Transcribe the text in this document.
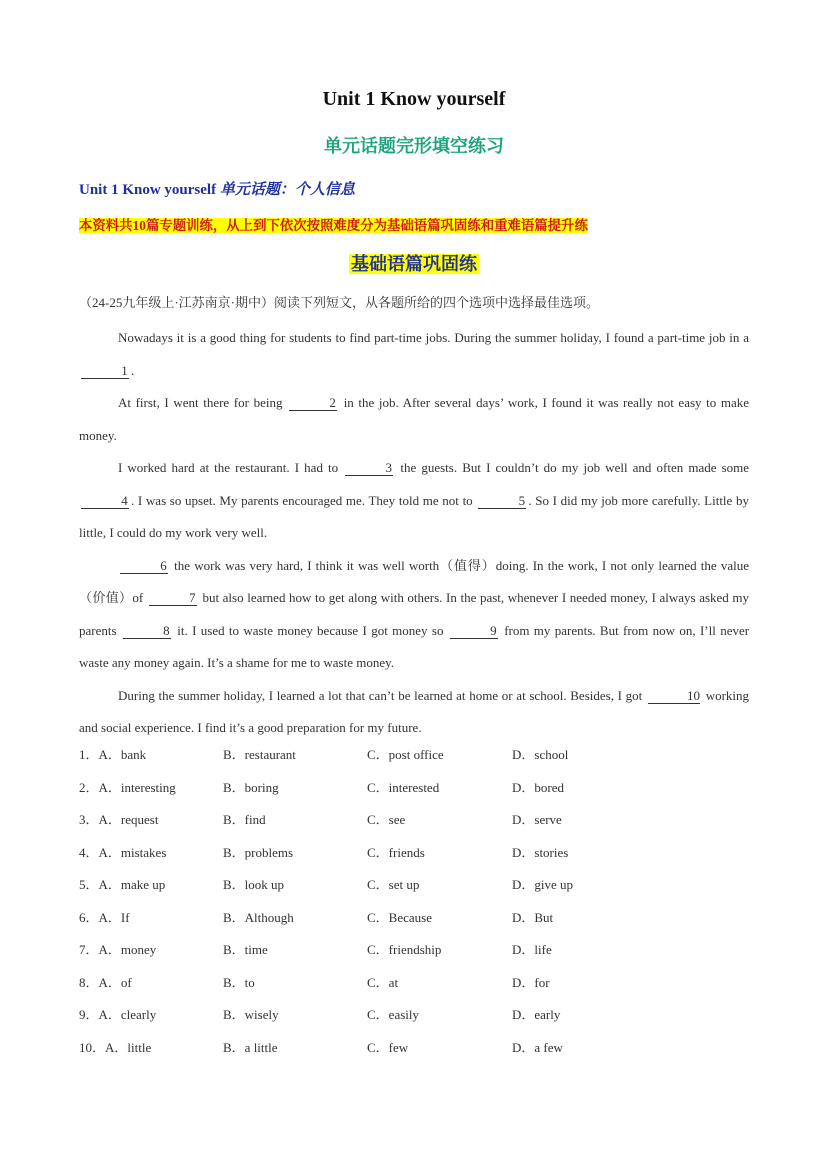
Unit 1 Know yourself
单元话题完形填空练习
Unit 1 Know yourself 单元话题：个人信息
本资料共10篇专题训练，从上到下依次按照难度分为基础语篇巩固练和重难语篇提升练
基础语篇巩固练
（24-25九年级上·江苏南京·期中）阅读下列短文，从各题所给的四个选项中选择最佳选项。

Nowadays it is a good thing for students to find part-time jobs. During the summer holiday, I found a part-time job in a 1 .

At first, I went there for being	2 in the job. After several days’ work, I found it was really not easy to make money.

I worked hard at the restaurant. I had to	3 the guests. But I couldn’t do my job well and often made some 4 . I was so upset. My parents encouraged me. They told me not to	5 . So I did my job more carefully. Little by little, I could do my work very well.

6 the work was very hard, I think it was well worth（值得）doing. In the work, I not only learned the value（价值）of	7 but also learned how to get along with others. In the past, whenever I needed money, I always asked my parents	8 it. I used to waste money because I got money so	9 from my parents. But from now on, I’ll never waste any money again. It’s a shame for me to waste money.

During the summer holiday, I learned a lot that can’t be learned at home or at school. Besides, I got	10 working and social experience. I find it’s a good preparation for my future.

1．A．bank	B．restaurant	C．post office	D．school
2．A．interesting	B．boring	C．interested	D．bored
3．A．request	B．find	C．see	D．serve
4．A．mistakes	B．problems	C．friends	D．stories
5．A．make up	B．look up	C．set up	D．give up
6．A．If	B．Although	C．Because	D．But
7．A．money	B．time	C．friendship	D．life
8．A．of	B．to	C．at	D．for
9．A．clearly	B．wisely	C．easily	D．early
10．A．little	B．a little	C．few	D．a few
